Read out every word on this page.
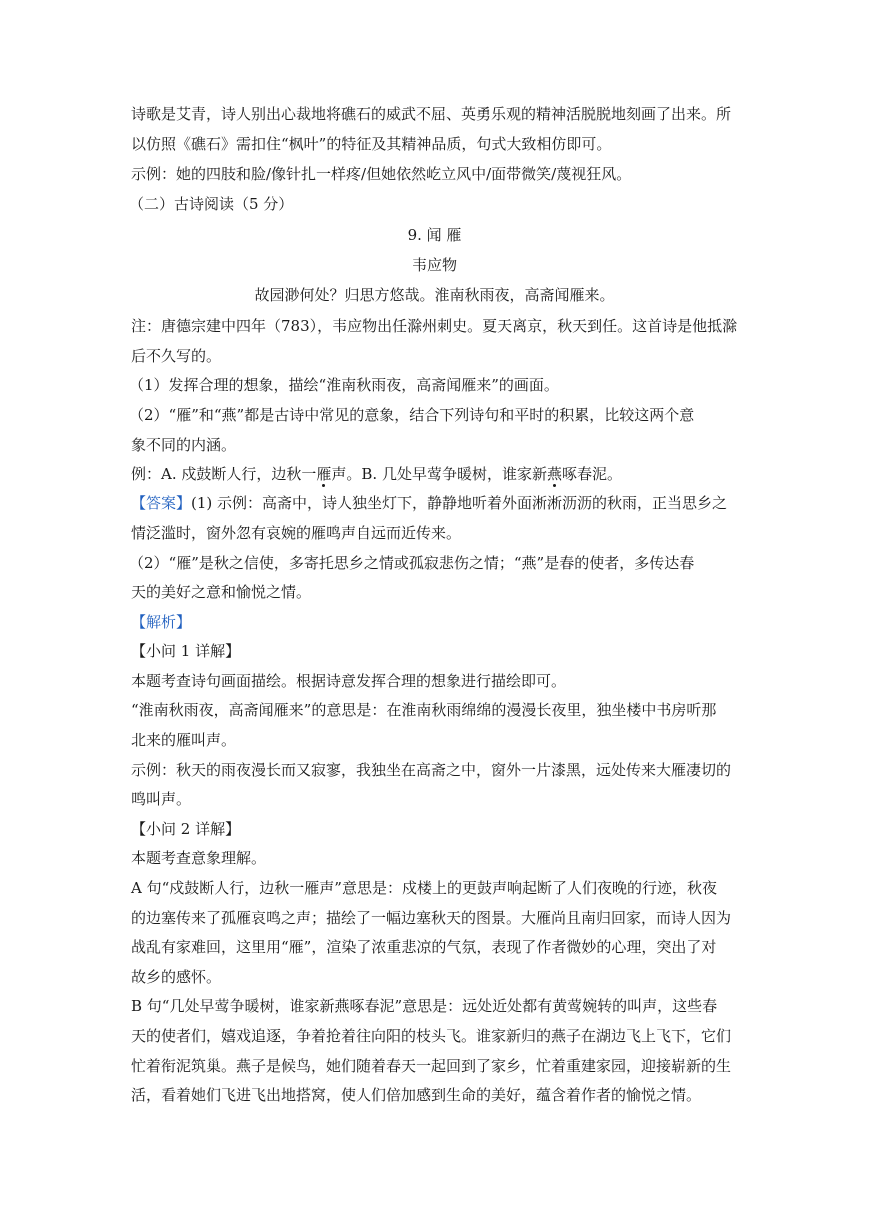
诗歌是艾青，诗人别出心裁地将礁石的威武不屈、英勇乐观的精神活脱脱地刻画了出来。所
以仿照《礁石》需扣住“枫叶”的特征及其精神品质，句式大致相仿即可。
示例：她的四肢和脸/像针扎一样疼/但她依然屹立风中/面带微笑/蔑视狂风。
（二）古诗阅读（5 分）
9. 闻 雁
韦应物
故园渺何处？归思方悠哉。淮南秋雨夜，高斋闻雁来。
注：唐德宗建中四年（783），韦应物出任滁州刺史。夏天离京，秋天到任。这首诗是他抵滁
后不久写的。
（1）发挥合理的想象，描绘“淮南秋雨夜，高斋闻雁来”的画面。
（2）“雁”和“燕”都是古诗中常见的意象，结合下列诗句和平时的积累，比较这两个意
象不同的内涵。
例：A. 戍鼓断人行，边秋一雁声。B. 几处早莺争暖树，谁家新燕啄春泥。
【答案】(1) 示例：高斋中，诗人独坐灯下，静静地听着外面淅淅沥沥的秋雨，正当思乡之
情泛滥时，窗外忽有哀婉的雁鸣声自远而近传来。
（2）“雁”是秋之信使，多寄托思乡之情或孤寂悲伤之情；“燕”是春的使者，多传达春
天的美好之意和愉悦之情。
【解析】
【小问 1 详解】
本题考查诗句画面描绘。根据诗意发挥合理的想象进行描绘即可。
“淮南秋雨夜，高斋闻雁来”的意思是：在淮南秋雨绵绵的漫漫长夜里，独坐楼中书房听那
北来的雁叫声。
示例：秋天的雨夜漫长而又寂寥，我独坐在高斋之中，窗外一片漆黑，远处传来大雁凄切的
鸣叫声。
【小问 2 详解】
本题考查意象理解。
A 句“戍鼓断人行，边秋一雁声”意思是：戍楼上的更鼓声响起断了人们夜晚的行迹，秋夜
的边塞传来了孤雁哀鸣之声；描绘了一幅边塞秋天的图景。大雁尚且南归回家，而诗人因为
战乱有家难回，这里用“雁”，渲染了浓重悲凉的气氛，表现了作者微妙的心理，突出了对
故乡的感怀。
B 句“几处早莺争暖树，谁家新燕啄春泥”意思是：远处近处都有黄莺婉转的叫声，这些春
天的使者们，嬉戏追逐，争着抢着往向阳的枝头飞。谁家新归的燕子在湖边飞上飞下，它们
忙着衔泥筑巢。燕子是候鸟，她们随着春天一起回到了家乡，忙着重建家园，迎接崭新的生
活，看着她们飞进飞出地搭窝，使人们倍加感到生命的美好，蕴含着作者的愉悦之情。
